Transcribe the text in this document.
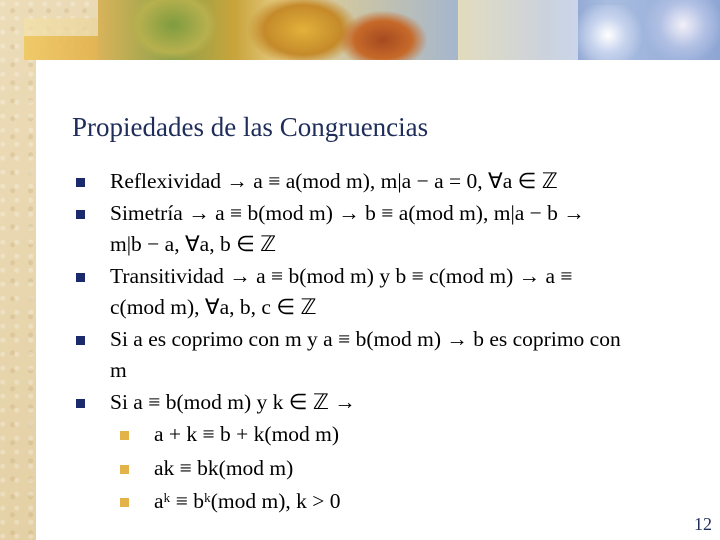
Propiedades de las Congruencias
Reflexividad → a ≡ a(mod m), m|a − a = 0, ∀a ∈ ℤ
Simetría → a ≡ b(mod m) → b ≡ a(mod m), m|a − b →
m|b − a, ∀a, b ∈ ℤ
Transitividad → a ≡ b(mod m) y b ≡ c(mod m) → a ≡
c(mod m), ∀a, b, c ∈ ℤ
Si a es coprimo con m y a ≡ b(mod m) → b es coprimo con
m
Si a ≡ b(mod m) y k ∈ ℤ →
a + k ≡ b + k(mod m)
ak ≡ bk(mod m)
aᵏ ≡ bᵏ(mod m), k > 0
12
